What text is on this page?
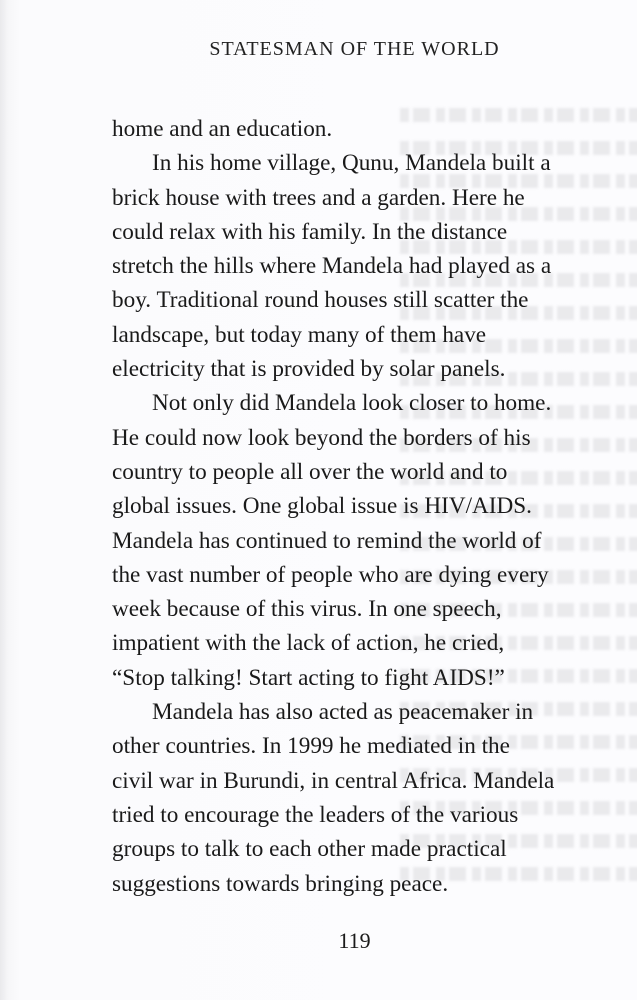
STATESMAN OF THE WORLD

home and an education.

In his home village, Qunu, Mandela built a
brick house with trees and a garden. Here he
could relax with his family. In the distance
stretch the hills where Mandela had played as a
boy. Traditional round houses still scatter the
landscape, but today many of them have
electricity that is provided by solar panels.

Not only did Mandela look closer to home.
He could now look beyond the borders of his
country to people all over the world and to
global issues. One global issue is HIV/AIDS.
Mandela has continued to remind the world of
the vast number of people who are dying every
week because of this virus. In one speech,
impatient with the lack of action, he cried,
“Stop talking! Start acting to fight AIDS!”

Mandela has also acted as peacemaker in
other countries. In 1999 he mediated in the
civil war in Burundi, in central Africa. Mandela
tried to encourage the leaders of the various
groups to talk to each other made practical
suggestions towards bringing peace.

119
